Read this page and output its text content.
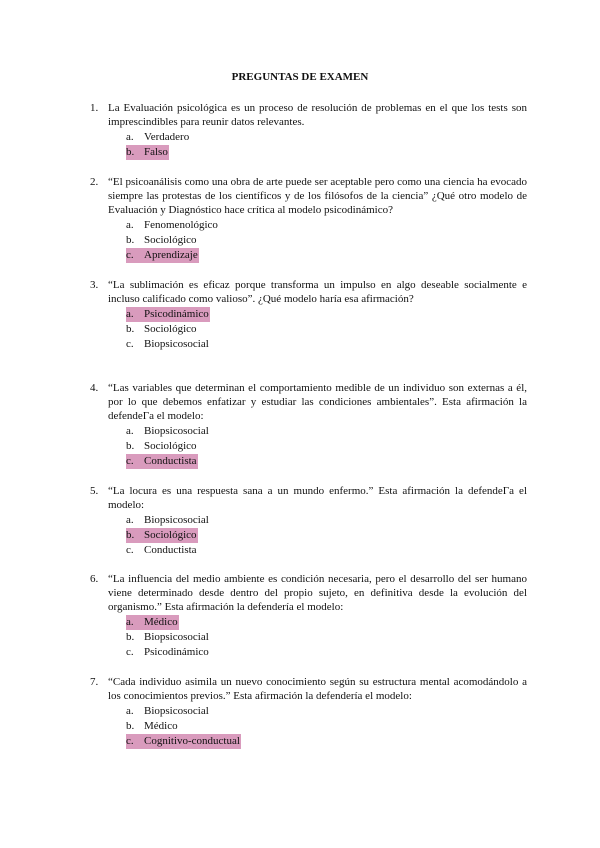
PREGUNTAS DE EXAMEN
1. La Evaluación psicológica es un proceso de resolución de problemas en el que los tests son imprescindibles para reunir datos relevantes.
a. Verdadero
b. Falso
2. “El psicoanálisis como una obra de arte puede ser aceptable pero como una ciencia ha evocado siempre las protestas de los científicos y de los filósofos de la ciencia” ¿Qué otro modelo de Evaluación y Diagnóstico hace crítica al modelo psicodinámico?
a. Fenomenológico
b. Sociológico
c. Aprendizaje
3. “La sublimación es eficaz porque transforma un impulso en algo deseable socialmente e incluso calificado como valioso”. ¿Qué modelo haría esa afirmación?
a. Psicodinámico
b. Sociológico
c. Biopsicosocial
4. “Las variables que determinan el comportamiento medible de un individuo son externas a él, por lo que debemos enfatizar y estudiar las condiciones ambientales”. Esta afirmación la defendeΓa el modelo:
a. Biopsicosocial
b. Sociológico
c. Conductista
5. “La locura es una respuesta sana a un mundo enfermo.” Esta afirmación la defendeΓa el modelo:
a. Biopsicosocial
b. Sociológico
c. Conductista
6. “La influencia del medio ambiente es condición necesaria, pero el desarrollo del ser humano viene determinado desde dentro del propio sujeto, en definitiva desde la evolución del organismo.” Esta afirmación la defendería el modelo:
a. Médico
b. Biopsicosocial
c. Psicodinámico
7. “Cada individuo asimila un nuevo conocimiento según su estructura mental acomodándolo a los conocimientos previos.” Esta afirmación la defendería el modelo:
a. Biopsicosocial
b. Médico
c. Cognitivo-conductual
